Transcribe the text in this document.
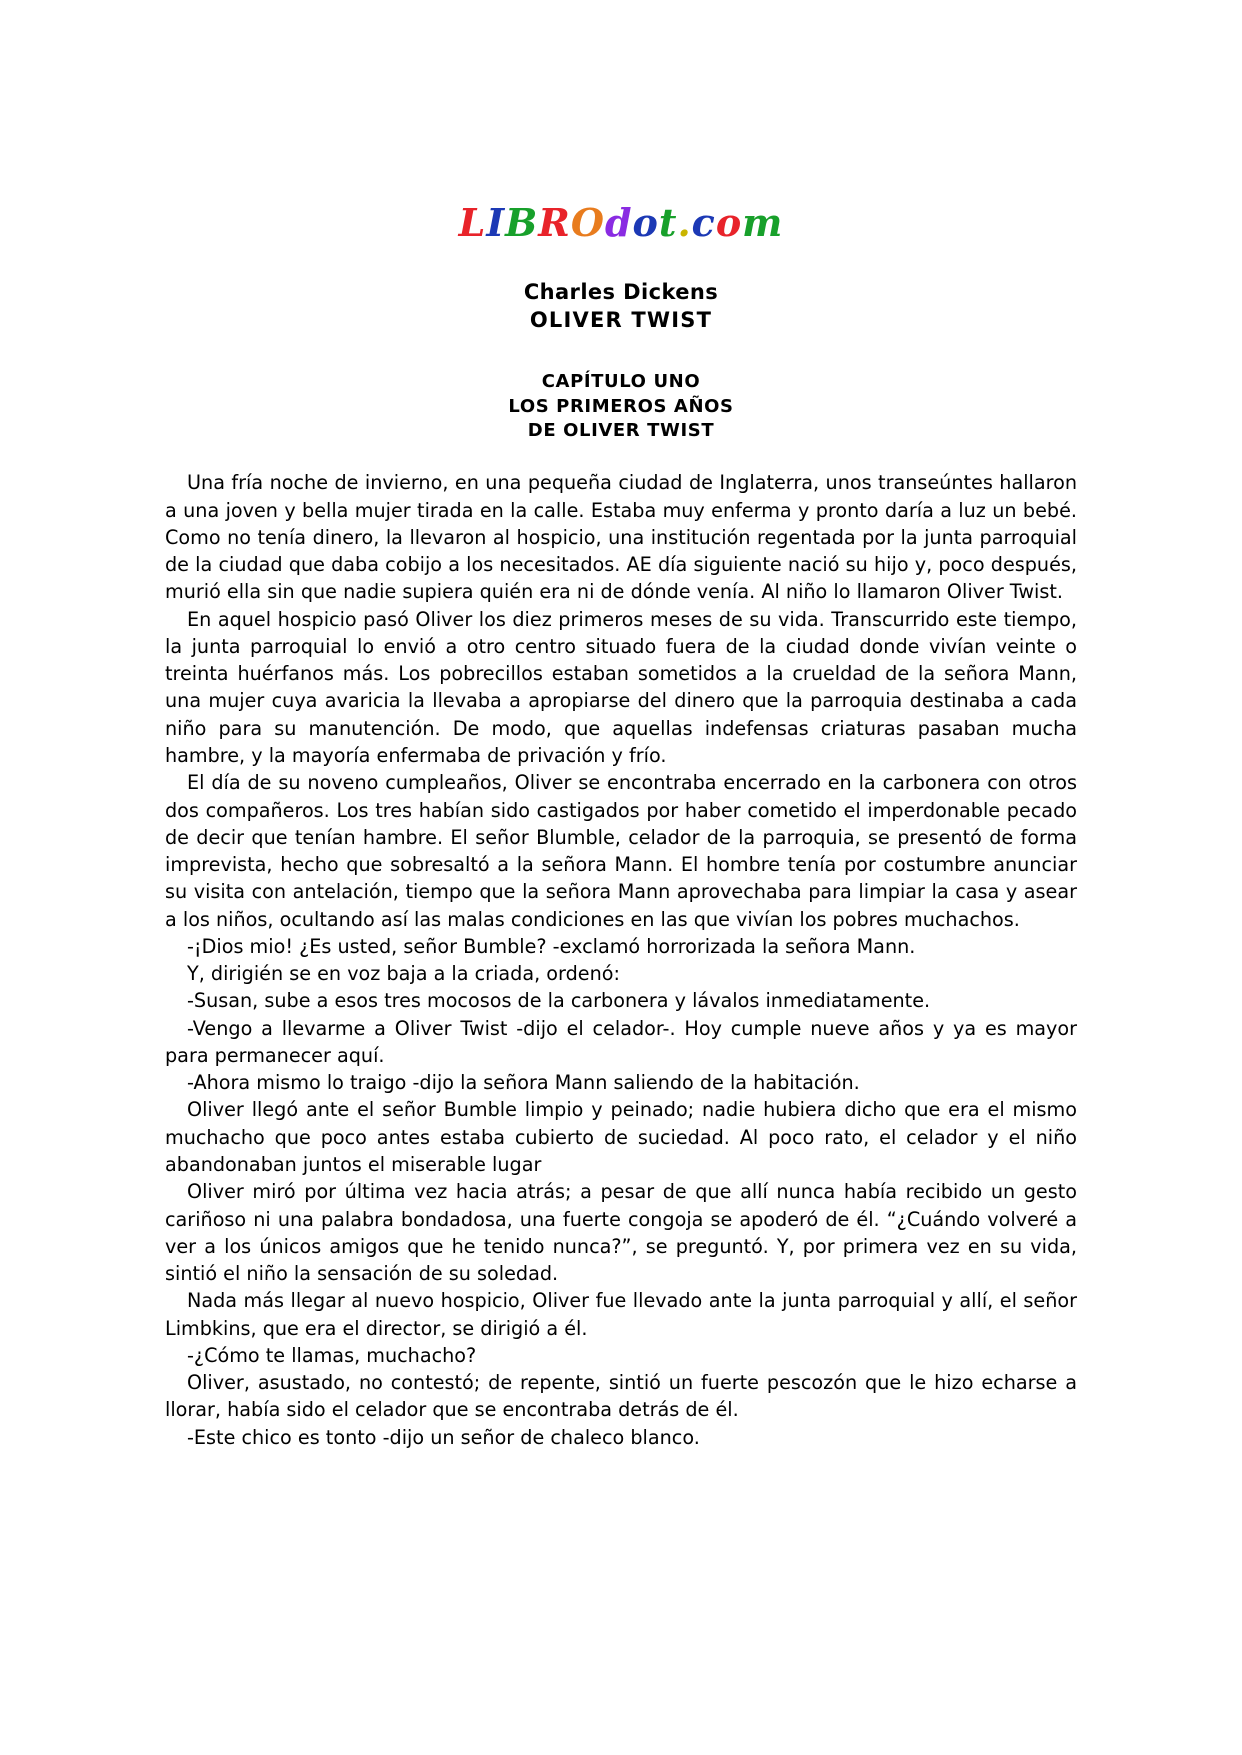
LIBROdot.com
Charles Dickens
OLIVER TWIST
CAPÍTULO UNO
LOS PRIMEROS AÑOS
DE OLIVER TWIST

Una fría noche de invierno, en una pequeña ciudad de Inglaterra, unos transeúntes hallaron a una joven y bella mujer tirada en la calle. Estaba muy enferma y pronto daría a luz un bebé. Como no tenía dinero, la llevaron al hospicio, una institución regentada por la junta parroquial de la ciudad que daba cobijo a los necesitados. AE día siguiente nació su hijo y, poco después, murió ella sin que nadie supiera quién era ni de dónde venía. Al niño lo llamaron Oliver Twist.

En aquel hospicio pasó Oliver los diez primeros meses de su vida. Transcurrido este tiempo, la junta parroquial lo envió a otro centro situado fuera de la ciudad donde vivían veinte o treinta huérfanos más. Los pobrecillos estaban sometidos a la crueldad de la señora Mann, una mujer cuya avaricia la llevaba a apropiarse del dinero que la parroquia destinaba a cada niño para su manutención. De modo, que aquellas indefensas criaturas pasaban mucha hambre, y la mayoría enfermaba de privación y frío.

El día de su noveno cumpleaños, Oliver se encontraba encerrado en la carbonera con otros dos compañeros. Los tres habían sido castigados por haber cometido el imperdonable pecado de decir que tenían hambre. El señor Blumble, celador de la parroquia, se presentó de forma imprevista, hecho que sobresaltó a la señora Mann. El hombre tenía por costumbre anunciar su visita con antelación, tiempo que la señora Mann aprovechaba para limpiar la casa y asear a los niños, ocultando así las malas condiciones en las que vivían los pobres muchachos.

-¡Dios mio! ¿Es usted, señor Bumble? -exclamó horrorizada la señora Mann.

Y, dirigién se en voz baja a la criada, ordenó:

-Susan, sube a esos tres mocosos de la carbonera y lávalos inmediatamente.

-Vengo a llevarme a Oliver Twist -dijo el celador-. Hoy cumple nueve años y ya es mayor para permanecer aquí.

-Ahora mismo lo traigo -dijo la señora Mann saliendo de la habitación.

Oliver llegó ante el señor Bumble limpio y peinado; nadie hubiera dicho que era el mismo muchacho que poco antes estaba cubierto de suciedad. Al poco rato, el celador y el niño abandonaban juntos el miserable lugar

Oliver miró por última vez hacia atrás; a pesar de que allí nunca había recibido un gesto cariñoso ni una palabra bondadosa, una fuerte congoja se apoderó de él. “¿Cuándo volveré a ver a los únicos amigos que he tenido nunca?”, se preguntó. Y, por primera vez en su vida, sintió el niño la sensación de su soledad.

Nada más llegar al nuevo hospicio, Oliver fue llevado ante la junta parroquial y allí, el señor Limbkins, que era el director, se dirigió a él.

-¿Cómo te llamas, muchacho?

Oliver, asustado, no contestó; de repente, sintió un fuerte pescozón que le hizo echarse a llorar, había sido el celador que se encontraba detrás de él.

-Este chico es tonto -dijo un señor de chaleco blanco.
